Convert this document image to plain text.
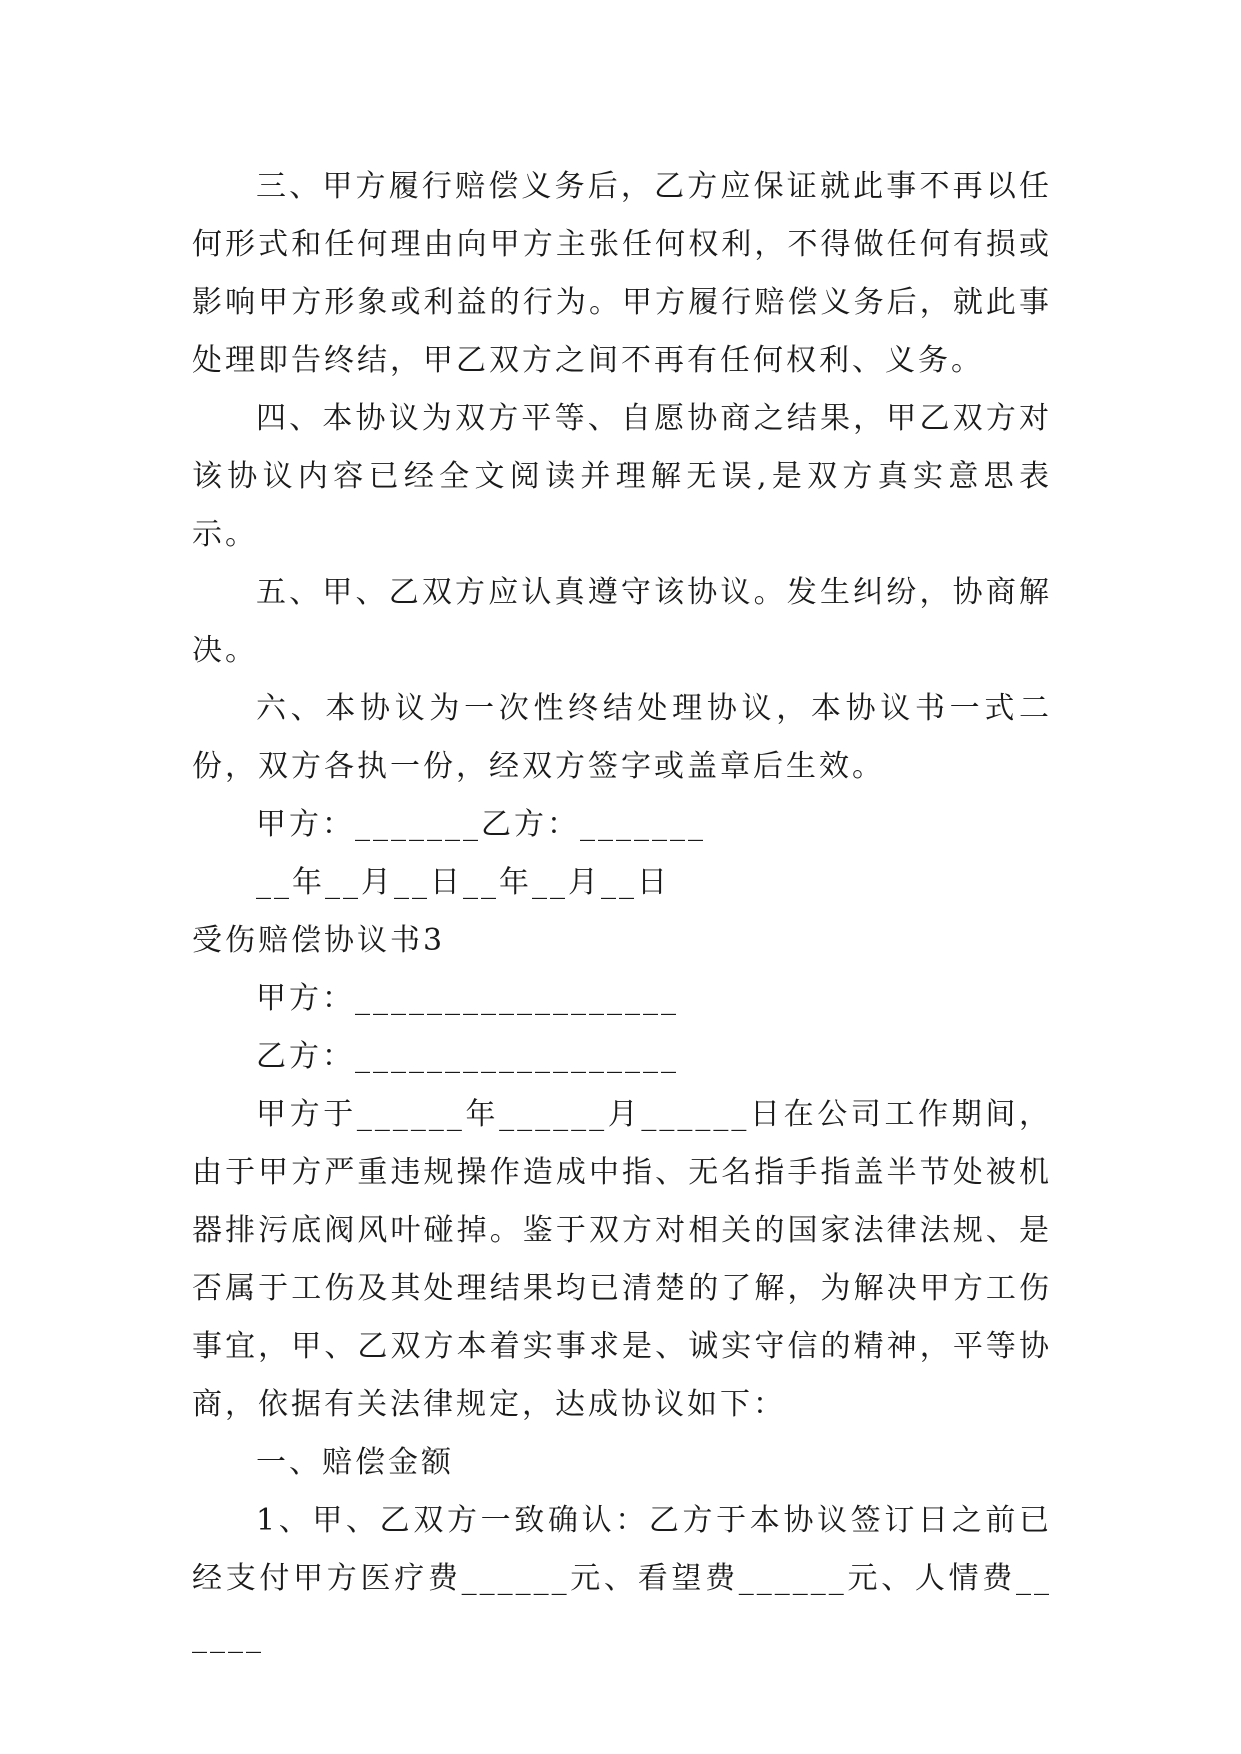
三、甲方履行赔偿义务后，乙方应保证就此事不再以任何形式和任何理由向甲方主张任何权利，不得做任何有损或影响甲方形象或利益的行为。甲方履行赔偿义务后，就此事处理即告终结，甲乙双方之间不再有任何权利、义务。

四、本协议为双方平等、自愿协商之结果，甲乙双方对该协议内容已经全文阅读并理解无误,是双方真实意思表示。

五、甲、乙双方应认真遵守该协议。发生纠纷，协商解决。

六、本协议为一次性终结处理协议，本协议书一式二份，双方各执一份，经双方签字或盖章后生效。

甲方：_______乙方：_______

__年__月__日__年__月__日

受伤赔偿协议书3

甲方：__________________

乙方：__________________

甲方于______年______月______日在公司工作期间，由于甲方严重违规操作造成中指、无名指手指盖半节处被机器排污底阀风叶碰掉。鉴于双方对相关的国家法律法规、是否属于工伤及其处理结果均已清楚的了解，为解决甲方工伤事宜，甲、乙双方本着实事求是、诚实守信的精神，平等协商，依据有关法律规定，达成协议如下：

一、赔偿金额

1、甲、乙双方一致确认：乙方于本协议签订日之前已经支付甲方医疗费______元、看望费______元、人情费______
